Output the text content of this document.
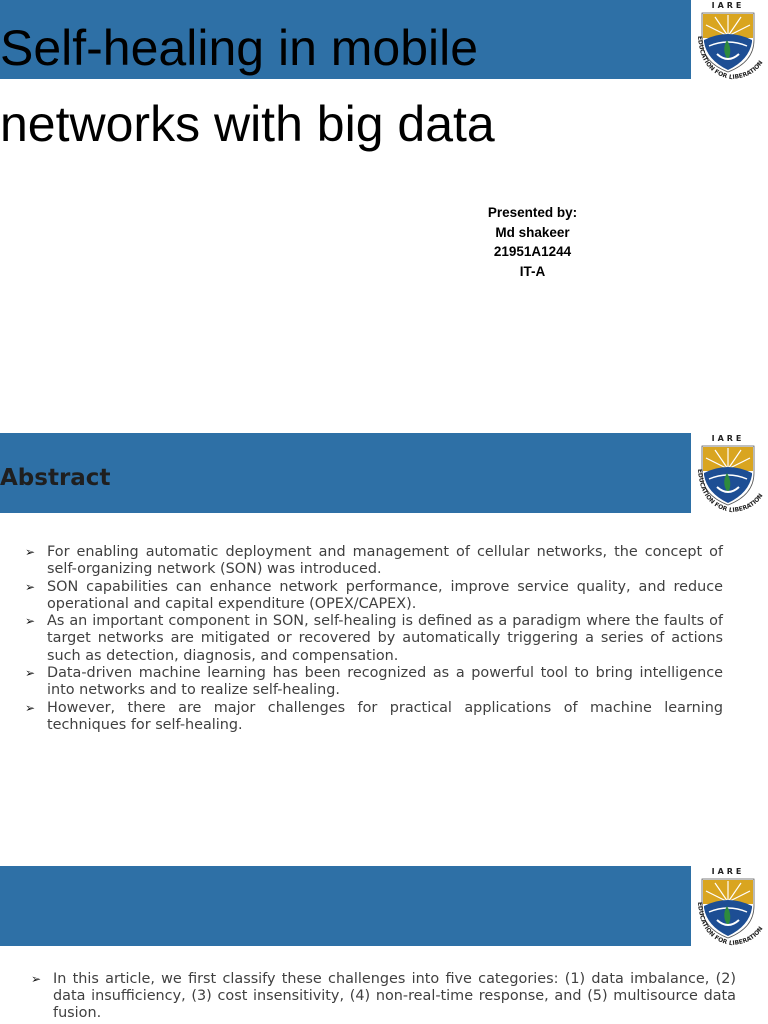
EDUCATION FOR LIBERATION
Self-healing in mobile
networks with big data
Presented by:
Md shakeer
21951A1244
IT-A
EDUCATION FOR LIBERATION
Abstract
➢ For enabling automatic deployment and management of cellular networks, the concept of self-organizing network (SON) was introduced.
➢ SON capabilities can enhance network performance, improve service quality, and reduce operational and capital expenditure (OPEX/CAPEX).
➢ As an important component in SON, self-healing is defined as a paradigm where the faults of target networks are mitigated or recovered by automatically triggering a series of actions such as detection, diagnosis, and compensation.
➢ Data-driven machine learning has been recognized as a powerful tool to bring intelligence into networks and to realize self-healing.
➢ However, there are major challenges for practical applications of machine learning techniques for self-healing.
EDUCATION FOR LIBERATION
➢ In this article, we first classify these challenges into five categories: (1) data imbalance, (2) data insufficiency, (3) cost insensitivity, (4) non-real-time response, and (5) multisource data fusion.
